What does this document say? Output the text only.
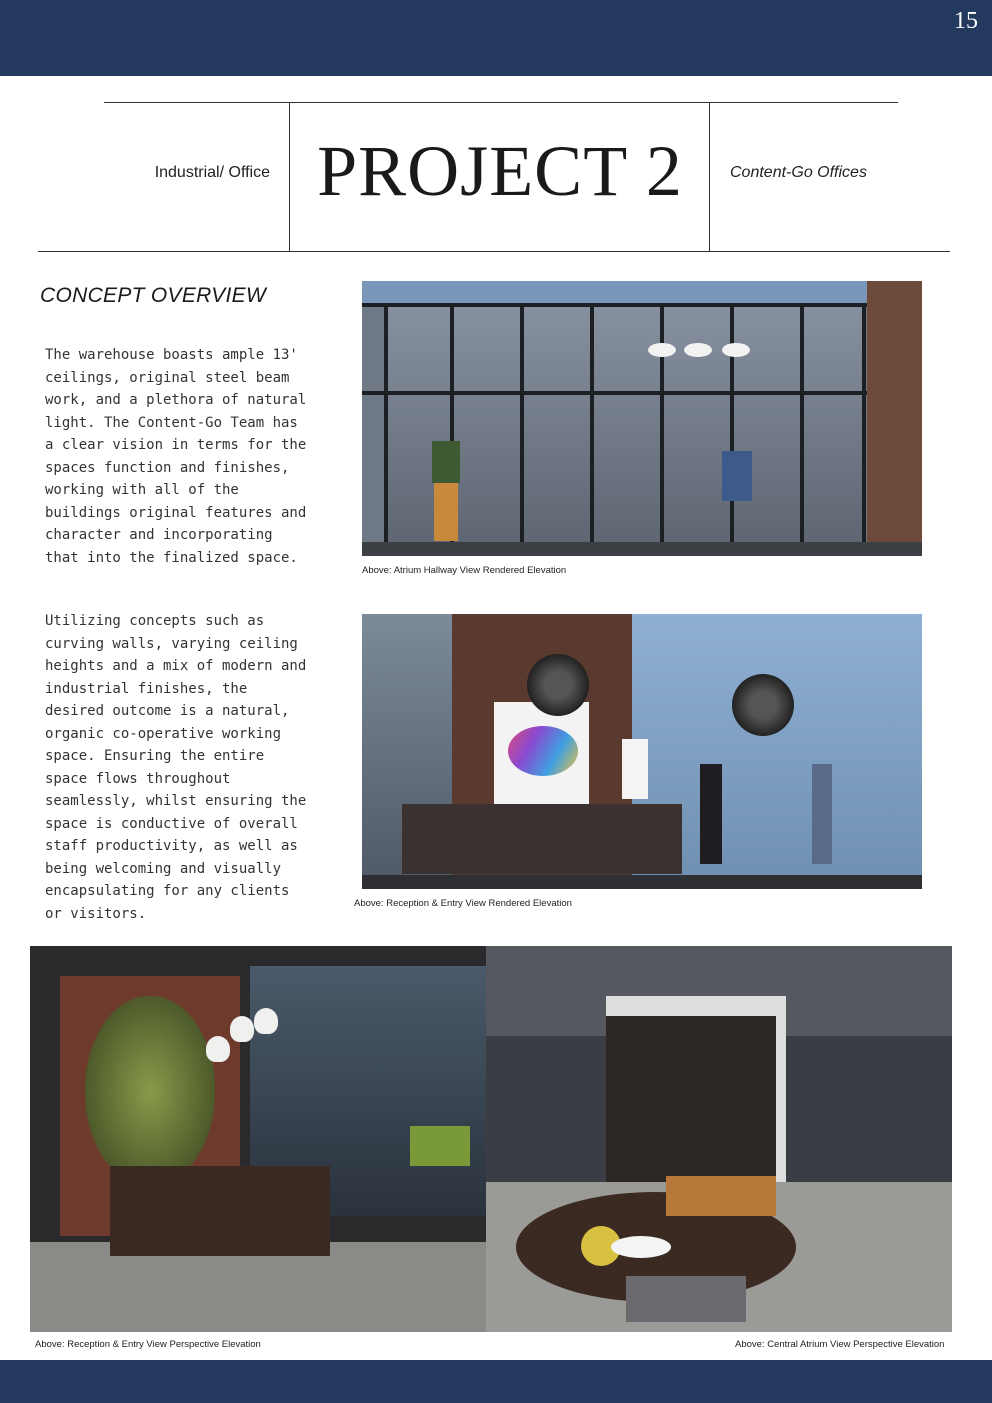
15
Industrial/ Office PROJECT 2	Content-Go Offices
CONCEPT OVERVIEW
The warehouse boasts ample 13' ceilings, original steel beam work, and a plethora of natural light. The Content-Go Team has a clear vision in terms for the spaces function and finishes, working with all of the buildings original features and character and incorporating that into the finalized space.
Utilizing concepts such as curving walls, varying ceiling heights and a mix of modern and industrial finishes, the desired outcome is a natural, organic co-operative working space. Ensuring the entire space flows throughout seamlessly, whilst ensuring the space is conductive of overall staff productivity, as well as being welcoming and visually encapsulating for any clients or visitors.
Above: Atrium Hallway View Rendered Elevation
Above: Reception & Entry View Rendered Elevation
Above: Reception & Entry View Perspective Elevation	Above: Central Atrium View Perspective Elevation
